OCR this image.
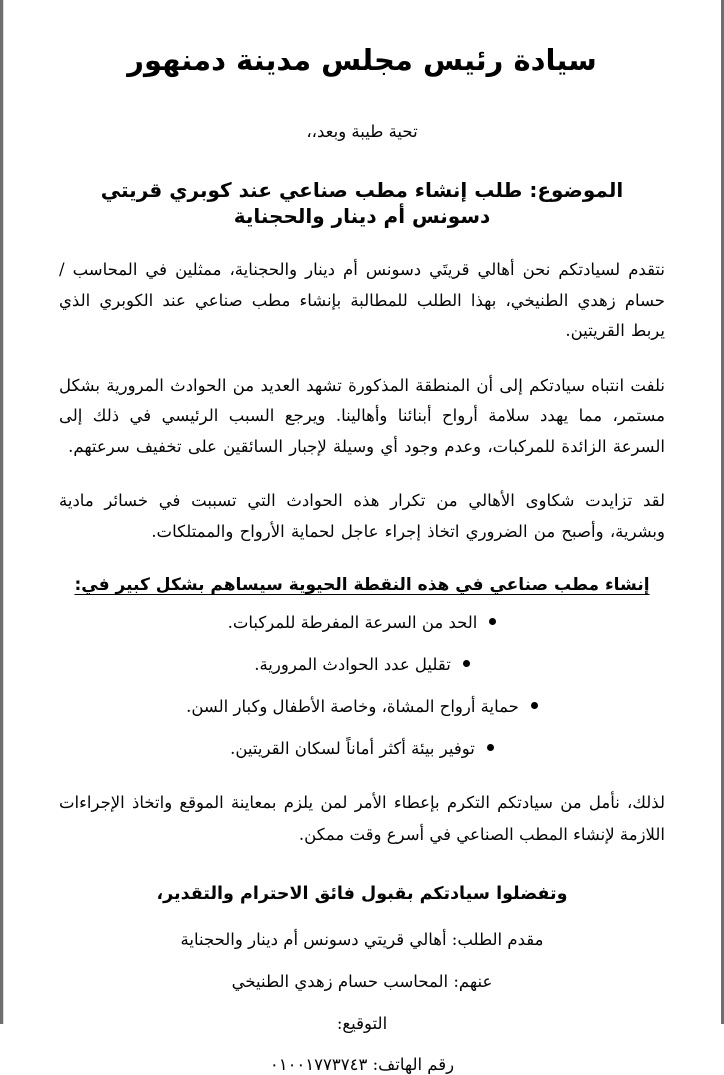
سيادة رئيس مجلس مدينة دمنهور
تحية طيبة وبعد،،
الموضوع: طلب إنشاء مطب صناعي عند كوبري قريتي دسونس أم دينار والحجناية

نتقدم لسيادتكم نحن أهالي قريتَي دسونس أم دينار والحجناية، ممثلين في المحاسب / حسام زهدي الطنيخي، بهذا الطلب للمطالبة بإنشاء مطب صناعي عند الكوبري الذي يربط القريتين.

نلفت انتباه سيادتكم إلى أن المنطقة المذكورة تشهد العديد من الحوادث المرورية بشكل مستمر، مما يهدد سلامة أرواح أبنائنا وأهالينا. ويرجع السبب الرئيسي في ذلك إلى السرعة الزائدة للمركبات، وعدم وجود أي وسيلة لإجبار السائقين على تخفيف سرعتهم.

لقد تزايدت شكاوى الأهالي من تكرار هذه الحوادث التي تسببت في خسائر مادية وبشرية، وأصبح من الضروري اتخاذ إجراء عاجل لحماية الأرواح والممتلكات.

إنشاء مطب صناعي في هذه النقطة الحيوية سيساهم بشكل كبير في:
الحد من السرعة المفرطة للمركبات.
تقليل عدد الحوادث المرورية.
حماية أرواح المشاة، وخاصة الأطفال وكبار السن.
توفير بيئة أكثر أماناً لسكان القريتين.

لذلك، نأمل من سيادتكم التكرم بإعطاء الأمر لمن يلزم بمعاينة الموقع واتخاذ الإجراءات اللازمة لإنشاء المطب الصناعي في أسرع وقت ممكن.

وتفضلوا سيادتكم بقبول فائق الاحترام والتقدير،
مقدم الطلب: أهالي قريتي دسونس أم دينار والحجناية
عنهم: المحاسب حسام زهدي الطنيخي
التوقيع:
رقم الهاتف: ٠١٠٠١٧٧٣٧٤٣
